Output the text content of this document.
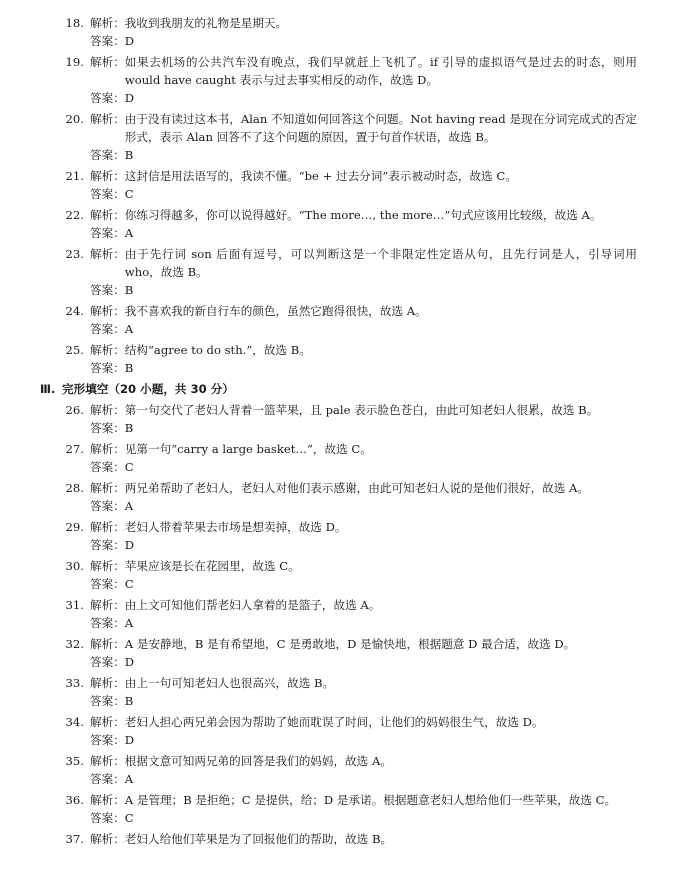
18. 解析： 我收到我朋友的礼物是星期天。
答案：D
19. 解析： 如果去机场的公共汽车没有晚点，我们早就赶上飞机了。if 引导的虚拟语气是过去的时态，则用 would have caught 表示与过去事实相反的动作，故选 D。
答案：D
20. 解析： 由于没有读过这本书，Alan 不知道如何回答这个问题。Not having read 是现在分词完成式的否定形式，表示 Alan 回答不了这个问题的原因，置于句首作状语，故选 B。
答案：B
21. 解析： 这封信是用法语写的，我读不懂。“be + 过去分词”表示被动时态，故选 C。
答案：C
22. 解析： 你练习得越多，你可以说得越好。“The more…, the more…”句式应该用比较级，故选 A。
答案：A
23. 解析： 由于先行词 son 后面有逗号，可以判断这是一个非限定性定语从句，且先行词是人，引导词用 who，故选 B。
答案：B
24. 解析： 我不喜欢我的新自行车的颜色，虽然它跑得很快，故选 A。
答案：A
25. 解析： 结构“agree to do sth.”，故选 B。
答案：B
Ⅲ. 完形填空 （20 小题，共 30 分）
26. 解析： 第一句交代了老妇人背着一篮苹果，且 pale 表示脸色苍白，由此可知老妇人很累，故选 B。
答案：B
27. 解析： 见第一句“carry a large basket…”，故选 C。
答案：C
28. 解析： 两兄弟帮助了老妇人，老妇人对他们表示感谢，由此可知老妇人说的是他们很好，故选 A。
答案：A
29. 解析： 老妇人带着苹果去市场是想卖掉，故选 D。
答案：D
30. 解析： 苹果应该是长在花园里，故选 C。
答案：C
31. 解析： 由上文可知他们帮老妇人拿着的是篮子，故选 A。
答案：A
32. 解析： A 是安静地，B 是有希望地，C 是勇敢地，D 是愉快地，根据题意 D 最合适，故选 D。
答案：D
33. 解析： 由上一句可知老妇人也很高兴，故选 B。
答案：B
34. 解析： 老妇人担心两兄弟会因为帮助了她而耽误了时间，让他们的妈妈很生气，故选 D。
答案：D
35. 解析： 根据文意可知两兄弟的回答是我们的妈妈，故选 A。
答案：A
36. 解析： A 是管理；B 是拒绝；C 是提供，给；D 是承诺。根据题意老妇人想给他们一些苹果，故选 C。
答案：C
37. 解析： 老妇人给他们苹果是为了回报他们的帮助，故选 B。
